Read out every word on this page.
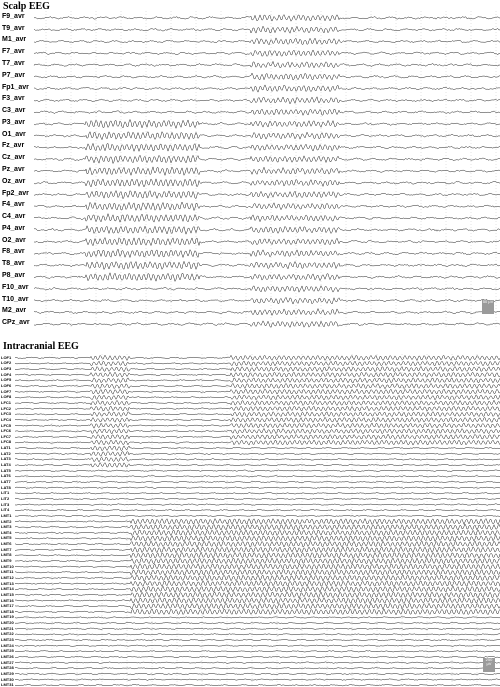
Scalp EEG
F9_avr
T9_avr
M1_avr
F7_avr
T7_avr
P7_avr
Fp1_avr
F3_avr
C3_avr
P3_avr
O1_avr
Fz_avr
Cz_avr
Pz_avr
Oz_avr
Fp2_avr
F4_avr
C4_avr
P4_avr
O2_avr
F8_avr
T8_avr
P8_avr
F10_avr
T10_avr
M2_avr
CPz_avr
50 μV
Intracranial EEG
LOF1
LOF2
LOF3
LOF4
LOF5
LOF6
LOF7
LOF8
LFC1
LFC2
LFC3
LFC4
LFC5
LFC6
LFC7
LFC8
LAT1
LAT2
LAT3
LAT4
LAT5
LAT6
LAT7
LAT8
LIT1
LIT2
LIT3
LIT4
LMT1
LMT2
LMT3
LMT4
LMT5
LMT6
LMT7
LMT8
LMT9
LMT10
LMT11
LMT12
LMT13
LMT14
LMT15
LMT16
LMT17
LMT18
LMT19
LMT20
LMT21
LMT22
LMT23
LMT24
LMT25
LMT26
LMT27
LMT28
LMT29
LMT30
LMT31
250 μV
